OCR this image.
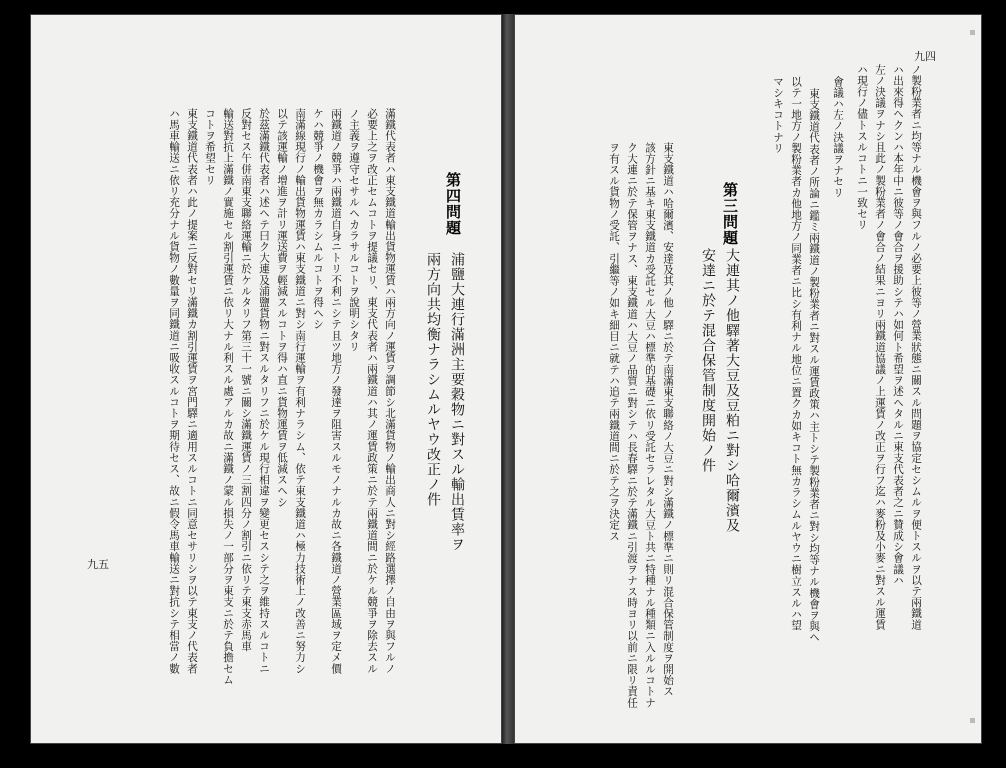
第四問題
浦鹽大連行滿洲主要穀物ニ對スル輸出賃率ヲ
兩方向共均衡ナラシムルヤウ改正ノ件
滿鐵代表者ハ東支鐵道輸出貨物運賃ハ兩方向ノ運賃ヲ調節シ北滿貨物ノ輸出商人ニ對シ經路選擇ノ自由ヲ與フルノ
必要上之ヲ改正セムコトヲ提議セリ、東支代表者ハ兩鐵道ハ其ノ運賃政策ニ於テ兩鐵道間ニ於ケル競爭ヲ除去スル
ノ主義ヲ遵守セサルヘカラサルコトヲ說明シタリ
兩鐵道ノ競爭ハ兩鐵道自身ニトリ不利ニシテ且ツ地方ノ發達ヲ阻害スルモノナルカ故ニ各鐵道ノ營業區域ヲ定メ價
ケハ競爭ノ機會ヲ無カラシムルコトヲ得ヘシ
南滿線現行ノ輸出貨物運賃ハ東支鐵道ニ對シ南行運輸ヲ有利ナラシム、依テ東支鐵道ハ極力技術上ノ改善ニ努力シ
以テ該運輸ノ增進ヲ計リ運送費ヲ輕減スルコトヲ得ハ直ニ貨物運賃ヲ低減スヘシ
於茲滿鐵代表者ハ述ヘテ曰ク大連及浦鹽貨物ニ對スルタリフニ於ケル現行相違ヲ變更セスシテ之ヲ維持スルコトニ
反對セス午併南東支聯絡運輸ニ於ケルタリフ第三十一號ニ關シ滿鐵運賃ノ三割四分ノ割引ニ依リテ東支赤馬車
輸送對抗上滿鐵ノ實施セル割引運賃ニ依リ大ナル利スル處アルカ故ニ滿鐵ノ蒙ル損失ノ一部分ヲ東支ニ於テ負擔セム
コトヲ希望セリ
東支鐵道代表者ハ此ノ提案ニ反對セリ滿鐵カ割引運賃ヲ宮門驛ニ適用スルコトニ同意セサリシヲ以テ東支ノ代表者
ハ馬車輸送ニ依リ充分ナル貨物ノ數量ヲ同鐵道ニ吸收スルコトヲ期待セス、故ニ假令馬車輸送ニ對抗シテ相當ノ數
九五	ノ製粉業者ニ均等ナル機會ヲ與フルノ必要上彼等ノ營業狀態ニ關スル問題ヲ協定セシムルヲ便トスルヲ以テ兩鐵道
ハ出來得ヘクンハ本年中ニ彼等ノ會合ヲ援助シテハ如何ト希望ヲ述ヘタルニ東支代表者之ニ贊成シ會議ハ
左ノ決議ヲナシ且此ノ製粉業者ノ會合ノ結果ニヨリ兩鐵道協議ノ上運賃ノ改正ヲ行フ迄ハ麥粉及小麥ニ對スル運賃
ハ現行ノ儘トスルコトニ一致セリ
會議ハ左ノ決議ヲナセリ
東支鐵道代表者ノ所論ニ鑑ミ兩鐵道ノ製粉業者ニ對スル運賃政策ハ主トシテ製粉業者ニ對シ均等ナル機會ヲ與ヘ
以テ一地方ノ製粉業者カ他地方ノ同業者ニ比シ有利ナル地位ニ置クカ如キコト無カラシムルヤウニ樹立スルハ望
マシキコトナリ
第三問題
大連其ノ他驛著大豆及豆粕ニ對シ哈爾濱及
安達ニ於テ混合保管制度開始ノ件
東支鐵道ハ哈爾濱、安達及其ノ他ノ驛ニ於テ南滿東支聯絡ノ大豆ニ對シ滿鐵ノ標準ニ則リ混合保管制度ヲ開始ス
該方針ニ基キ東支鐵道カ受託セル大豆ハ標準的基礎ニ依リ受託セラレタル大豆ト共ニ特種ナル種類ニ入ルルコトナ
ク大連ニ於テ保管ヲナス、東支鐵道ハ大豆ノ品質ニ對シテハ長春驛ニ於テ滿鐵ニ引渡ヲナス時ヨリ以前ニ限リ責任
ヲ有スル貨物ノ受託、引繼等ノ如キ細目ニ就テハ追テ兩鐵道間ニ於テ之ヲ決定ス
九四
